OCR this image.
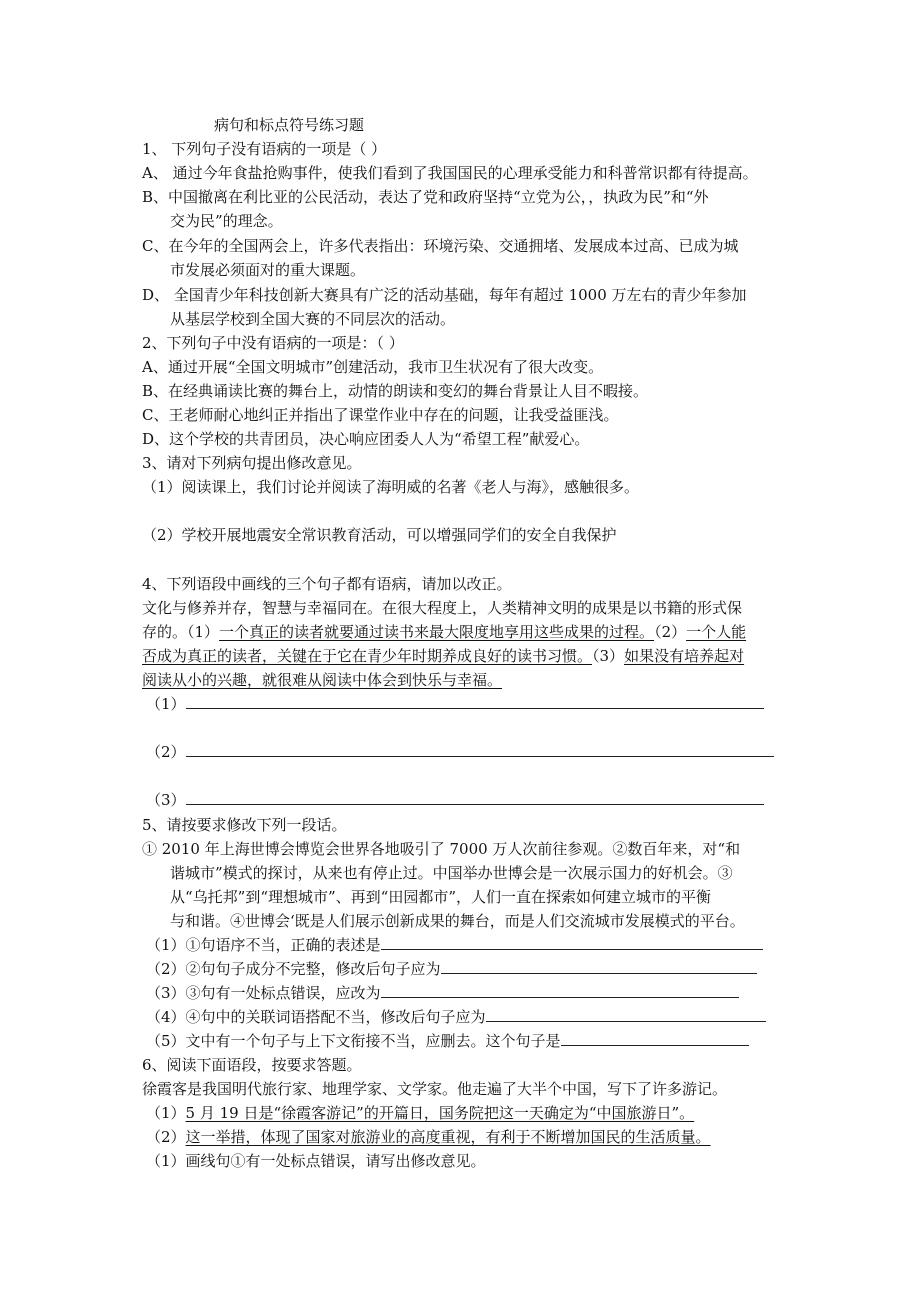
病句和标点符号练习题
1、 下列句子没有语病的一项是（ ）
A、 通过今年食盐抢购事件，使我们看到了我国国民的心理承受能力和科普常识都有待提高。
B、中国撤离在利比亚的公民活动，表达了党和政府坚持“立党为公，，执政为民”和“外
交为民”的理念。
C、在今年的全国两会上，许多代表指出：环境污染、交通拥堵、发展成本过高、已成为城
市发展必须面对的重大课题。
D、 全国青少年科技创新大赛具有广泛的活动基础，每年有超过 1000 万左右的青少年参加
从基层学校到全国大赛的不同层次的活动。
2、下列句子中没有语病的一项是：（ ）
A、通过开展“全国文明城市”创建活动，我市卫生状况有了很大改变。
B、在经典诵读比赛的舞台上，动情的朗读和变幻的舞台背景让人目不暇接。
C、王老师耐心地纠正并指出了课堂作业中存在的问题，让我受益匪浅。
D、这个学校的共青团员，决心响应团委人人为“希望工程”献爱心。
3、请对下列病句提出修改意见。
（1）阅读课上，我们讨论并阅读了海明威的名著《老人与海》，感触很多。
（2）学校开展地震安全常识教育活动，可以增强同学们的安全自我保护
4、下列语段中画线的三个句子都有语病，请加以改正。
文化与修养并存，智慧与幸福同在。在很大程度上，人类精神文明的成果是以书籍的形式保
存的。（1）一个真正的读者就要通过读书来最大限度地享用这些成果的过程。（2）一个人能
否成为真正的读者，关键在于它在青少年时期养成良好的读书习惯。（3）如果没有培养起对
阅读从小的兴趣，就很难从阅读中体会到快乐与幸福。
（1）
（2）
（3）
5、请按要求修改下列一段话。
① 2010 年上海世博会博览会世界各地吸引了 7000 万人次前往参观。②数百年来，对“和
谐城市”模式的探讨，从来也有停止过。中国举办世博会是一次展示国力的好机会。③
从“乌托邦”到“理想城市”、再到“田园都市”，人们一直在探索如何建立城市的平衡
与和谐。④世博会‘既是人们展示创新成果的舞台，而是人们交流城市发展模式的平台。
（1）①句语序不当，正确的表述是
（2）②句句子成分不完整，修改后句子应为
（3）③句有一处标点错误，应改为
（4）④句中的关联词语搭配不当，修改后句子应为
（5）文中有一个句子与上下文衔接不当，应删去。这个句子是
6、阅读下面语段，按要求答题。
徐霞客是我国明代旅行家、地理学家、文学家。他走遍了大半个中国，写下了许多游记。
（1）5 月 19 日是“徐霞客游记”的开篇日，国务院把这一天确定为“中国旅游日”。
（2）这一举措，体现了国家对旅游业的高度重视，有利于不断增加国民的生活质量。
（1）画线句①有一处标点错误，请写出修改意见。
